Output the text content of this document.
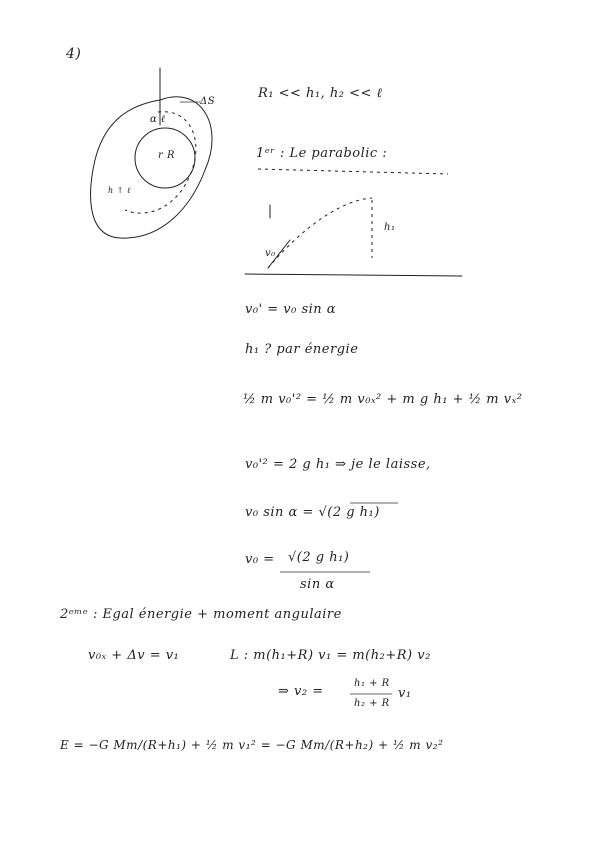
4)
R₁ << h₁, h₂ << ℓ
ΔS
α ℓ
r R
h ↑ ℓ
1ᵉʳ : Le parabolic :
h₁
v₀
v₀' = v₀ sin α
h₁ ? par énergie
½ m v₀'² = ½ m v₀ₓ² + m g h₁ + ½ m vₓ²
v₀'² = 2 g h₁ ⇒ je le laisse,
v₀ sin α = √(2 g h₁)
v₀ = √(2 g h₁)
sin α
2ᵉᵐᵉ : Egal énergie + moment angulaire
v₀ₓ + Δv = v₁	L : m(h₁+R) v₁ = m(h₂+R) v₂
⇒ v₂ =
h₁ + R
h₂ + R
v₁
E = −G Mm/(R+h₁) + ½ m v₁² = −G Mm/(R+h₂) + ½ m v₂²
